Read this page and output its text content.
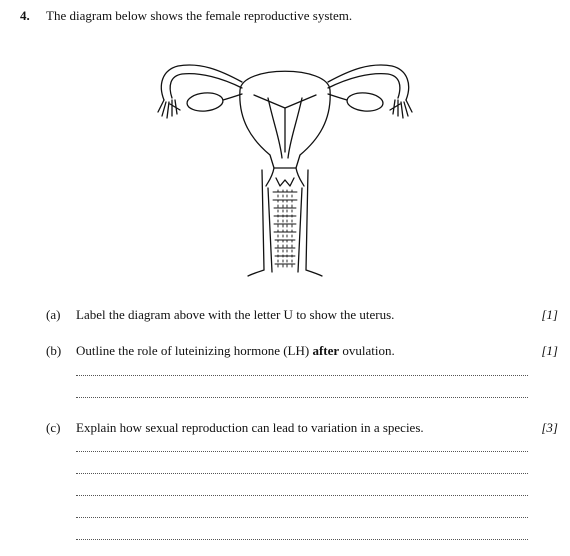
4. The diagram below shows the female reproductive system.
(a) Label the diagram above with the letter U to show the uterus.	[1]
(b) Outline the role of luteinizing hormone (LH) after ovulation.	[1]
(c) Explain how sexual reproduction can lead to variation in a species.	[3]
